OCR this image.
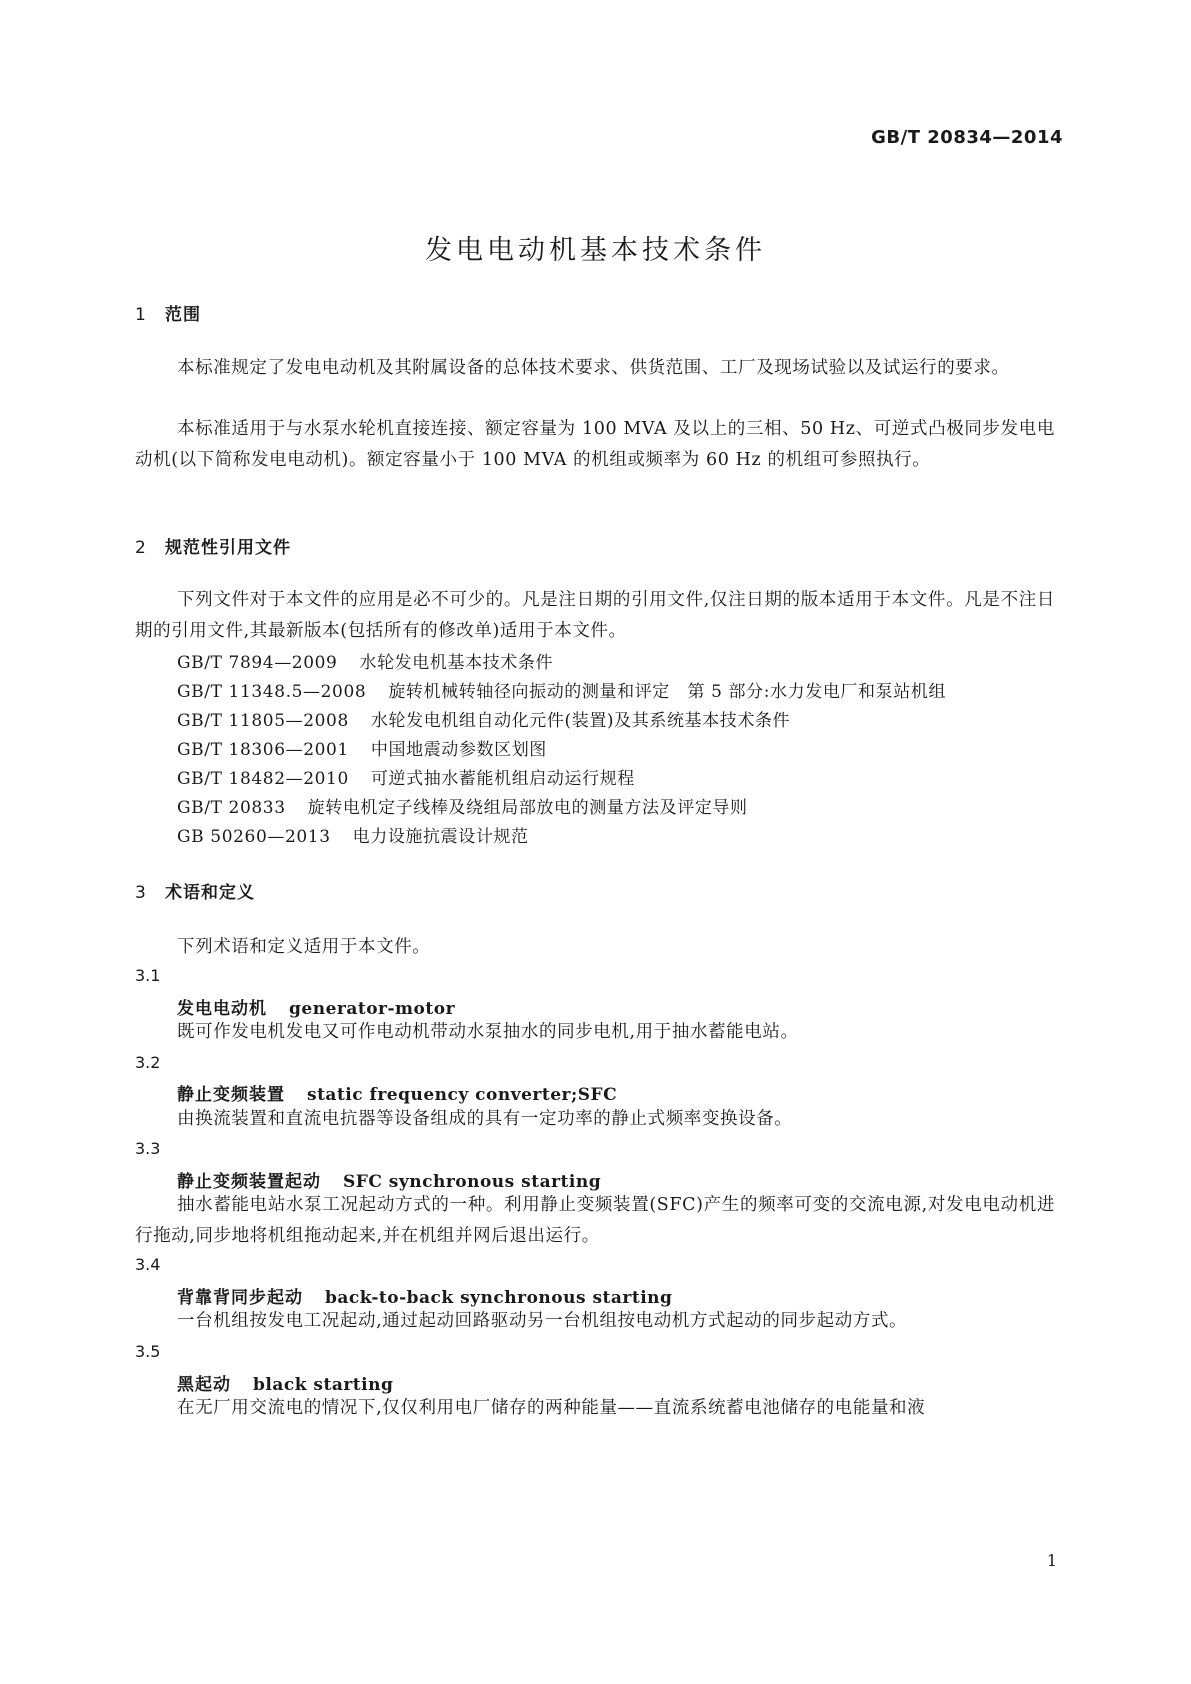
GB/T 20834—2014
发电电动机基本技术条件
1 范围
本标准规定了发电电动机及其附属设备的总体技术要求、供货范围、工厂及现场试验以及试运行的要求。
本标准适用于与水泵水轮机直接连接、额定容量为 100 MVA 及以上的三相、50 Hz、可逆式凸极同步发电电动机(以下简称发电电动机)。额定容量小于 100 MVA 的机组或频率为 60 Hz 的机组可参照执行。
2 规范性引用文件
下列文件对于本文件的应用是必不可少的。凡是注日期的引用文件,仅注日期的版本适用于本文件。凡是不注日期的引用文件,其最新版本(包括所有的修改单)适用于本文件。
GB/T 7894—2009 水轮发电机基本技术条件
GB/T 11348.5—2008 旋转机械转轴径向振动的测量和评定　第 5 部分:水力发电厂和泵站机组
GB/T 11805—2008 水轮发电机组自动化元件(装置)及其系统基本技术条件
GB/T 18306—2001 中国地震动参数区划图
GB/T 18482—2010 可逆式抽水蓄能机组启动运行规程
GB/T 20833 旋转电机定子线棒及绕组局部放电的测量方法及评定导则
GB 50260—2013 电力设施抗震设计规范
3 术语和定义
下列术语和定义适用于本文件。
3.1
发电电动机 generator-motor
既可作发电机发电又可作电动机带动水泵抽水的同步电机,用于抽水蓄能电站。
3.2
静止变频装置 static frequency converter;SFC
由换流装置和直流电抗器等设备组成的具有一定功率的静止式频率变换设备。
3.3
静止变频装置起动 SFC synchronous starting
抽水蓄能电站水泵工况起动方式的一种。利用静止变频装置(SFC)产生的频率可变的交流电源,对发电电动机进行拖动,同步地将机组拖动起来,并在机组并网后退出运行。
3.4
背靠背同步起动 back-to-back synchronous starting
一台机组按发电工况起动,通过起动回路驱动另一台机组按电动机方式起动的同步起动方式。
3.5
黑起动 black starting
在无厂用交流电的情况下,仅仅利用电厂储存的两种能量——直流系统蓄电池储存的电能量和液
1
